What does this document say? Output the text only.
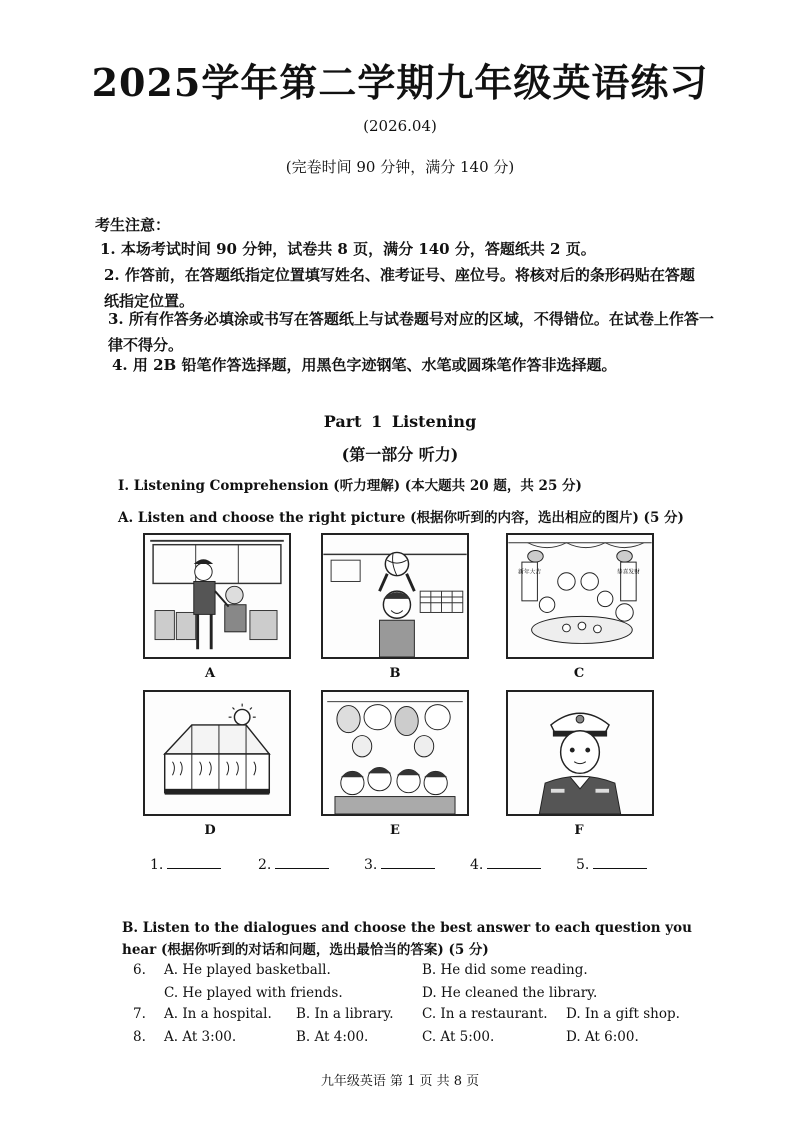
2025学年第二学期九年级英语练习
(2026.04)
(完卷时间 90 分钟，满分 140 分)
考生注意：
1. 本场考试时间 90 分钟，试卷共 8 页，满分 140 分，答题纸共 2 页。
2. 作答前，在答题纸指定位置填写姓名、准考证号、座位号。将核对后的条形码贴在答题纸指定位置。
3. 所有作答务必填涂或书写在答题纸上与试卷题号对应的区域，不得错位。在试卷上作答一律不得分。
4. 用 2B 铅笔作答选择题，用黑色字迹钢笔、水笔或圆珠笔作答非选择题。
Part 1 Listening
(第一部分 听力)
I. Listening Comprehension (听力理解) (本大题共 20 题，共 25 分)
A. Listen and choose the right picture (根据你听到的内容，选出相应的图片) (5 分)
A	B
新年大吉	恭喜发财
C
D	E	F
1.	2.	3.	4.	5.
B. Listen to the dialogues and choose the best answer to each question you hear (根据你听到的对话和问题，选出最恰当的答案) (5 分)
6. A. He played basketball.	B. He did some reading.
C. He played with friends.	D. He cleaned the library.
7. A. In a hospital. B. In a library. C. In a restaurant. D. In a gift shop.
8. A. At 3:00.	B. At 4:00.	C. At 5:00.	D. At 6:00.
九年级英语 第 1 页 共 8 页
